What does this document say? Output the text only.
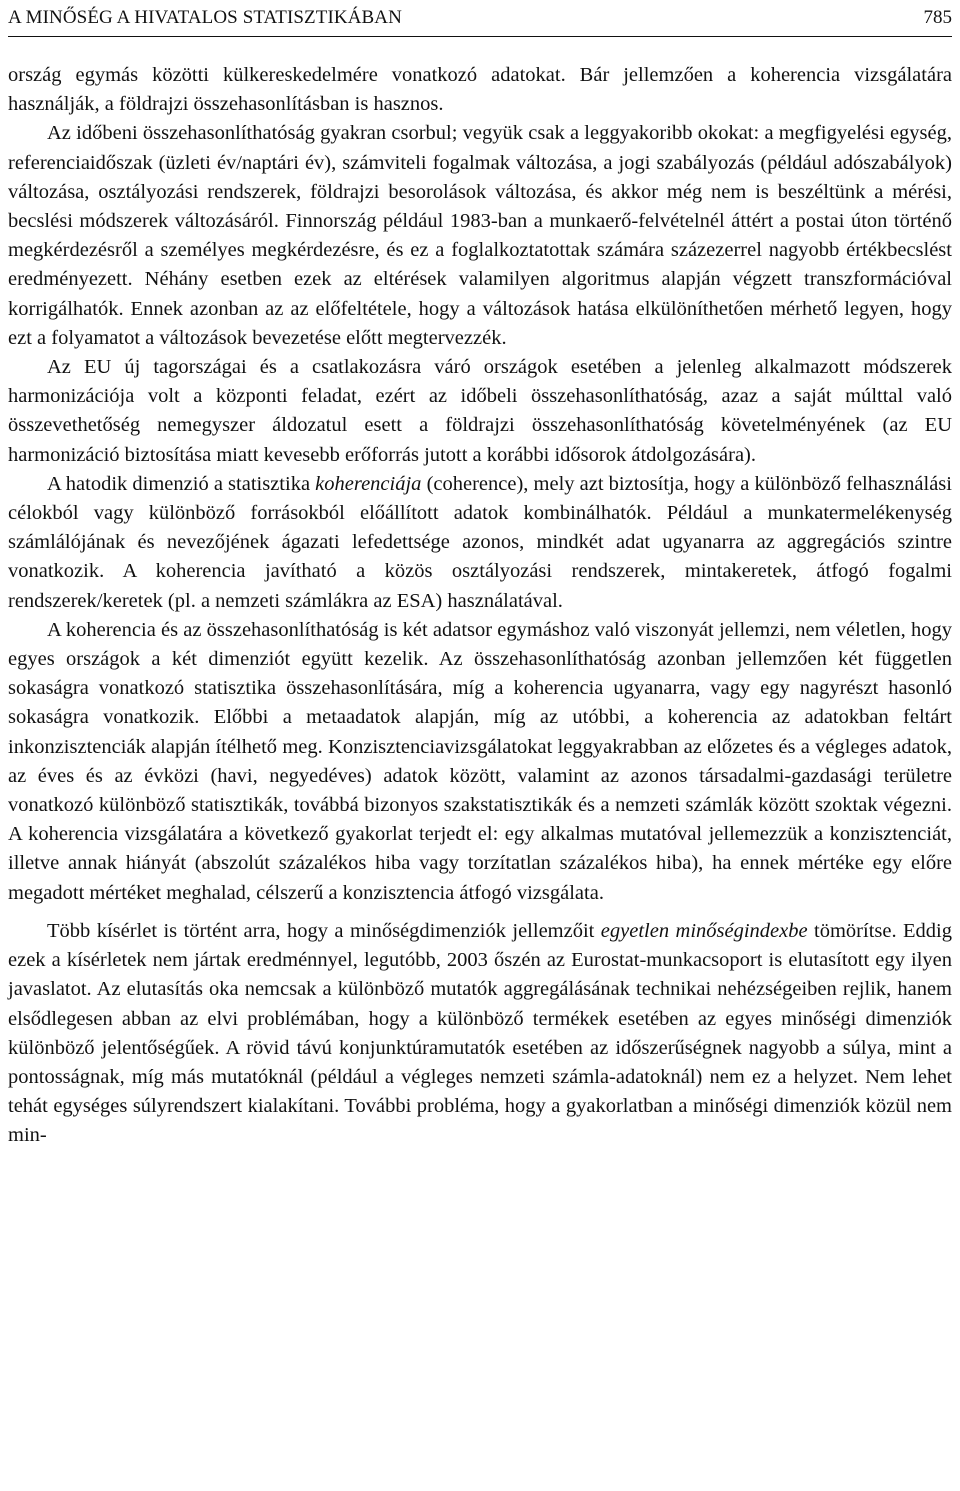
A MINŐSÉG A HIVATALOS STATISZTIKÁBAN	785

ország egymás közötti külkereskedelmére vonatkozó adatokat. Bár jellemzően a koherencia vizsgálatára használják, a földrajzi összehasonlításban is hasznos.

Az időbeni összehasonlíthatóság gyakran csorbul; vegyük csak a leggyakoribb okokat: a megfigyelési egység, referenciaidőszak (üzleti év/naptári év), számviteli fogalmak változása, a jogi szabályozás (például adószabályok) változása, osztályozási rendszerek, földrajzi besorolások változása, és akkor még nem is beszéltünk a mérési, becslési módszerek változásáról. Finnország például 1983-ban a munkaerő-felvételnél áttért a postai úton történő megkérdezésről a személyes megkérdezésre, és ez a foglalkoztatottak számára százezerrel nagyobb értékbecslést eredményezett. Néhány esetben ezek az eltérések valamilyen algoritmus alapján végzett transzformációval korrigálhatók. Ennek azonban az az előfeltétele, hogy a változások hatása elkülöníthetően mérhető legyen, hogy ezt a folyamatot a változások bevezetése előtt megtervezzék.

Az EU új tagországai és a csatlakozásra váró országok esetében a jelenleg alkalmazott módszerek harmonizációja volt a központi feladat, ezért az időbeli összehasonlíthatóság, azaz a saját múlttal való összevethetőség nemegyszer áldozatul esett a földrajzi összehasonlíthatóság követelményének (az EU harmonizáció biztosítása miatt kevesebb erőforrás jutott a korábbi idősorok átdolgozására).

A hatodik dimenzió a statisztika koherenciája (coherence), mely azt biztosítja, hogy a különböző felhasználási célokból vagy különböző forrásokból előállított adatok kombinálhatók. Például a munkatermelékenység számlálójának és nevezőjének ágazati lefedettsége azonos, mindkét adat ugyanarra az aggregációs szintre vonatkozik. A koherencia javítható a közös osztályozási rendszerek, mintakeretek, átfogó fogalmi rendszerek/keretek (pl. a nemzeti számlákra az ESA) használatával.

A koherencia és az összehasonlíthatóság is két adatsor egymáshoz való viszonyát jellemzi, nem véletlen, hogy egyes országok a két dimenziót együtt kezelik. Az összehasonlíthatóság azonban jellemzően két független sokaságra vonatkozó statisztika összehasonlítására, míg a koherencia ugyanarra, vagy egy nagyrészt hasonló sokaságra vonatkozik. Előbbi a metaadatok alapján, míg az utóbbi, a koherencia az adatokban feltárt inkonzisztenciák alapján ítélhető meg. Konzisztenciavizsgálatokat leggyakrabban az előzetes és a végleges adatok, az éves és az évközi (havi, negyedéves) adatok között, valamint az azonos társadalmi-gazdasági területre vonatkozó különböző statisztikák, továbbá bizonyos szakstatisztikák és a nemzeti számlák között szoktak végezni. A koherencia vizsgálatára a következő gyakorlat terjedt el: egy alkalmas mutatóval jellemezzük a konzisztenciát, illetve annak hiányát (abszolút százalékos hiba vagy torzítatlan százalékos hiba), ha ennek mértéke egy előre megadott mértéket meghalad, célszerű a konzisztencia átfogó vizsgálata.

Több kísérlet is történt arra, hogy a minőségdimenziók jellemzőit egyetlen minőségindexbe tömörítse. Eddig ezek a kísérletek nem jártak eredménnyel, legutóbb, 2003 őszén az Eurostat-munkacsoport is elutasított egy ilyen javaslatot. Az elutasítás oka nemcsak a különböző mutatók aggregálásának technikai nehézségeiben rejlik, hanem elsődlegesen abban az elvi problémában, hogy a különböző termékek esetében az egyes minőségi dimenziók különböző jelentőségűek. A rövid távú konjunktúramutatók esetében az időszerűségnek nagyobb a súlya, mint a pontosságnak, míg más mutatóknál (például a végleges nemzeti számla-adatoknál) nem ez a helyzet. Nem lehet tehát egységes súlyrendszert kialakítani. További probléma, hogy a gyakorlatban a minőségi dimenziók közül nem min-
